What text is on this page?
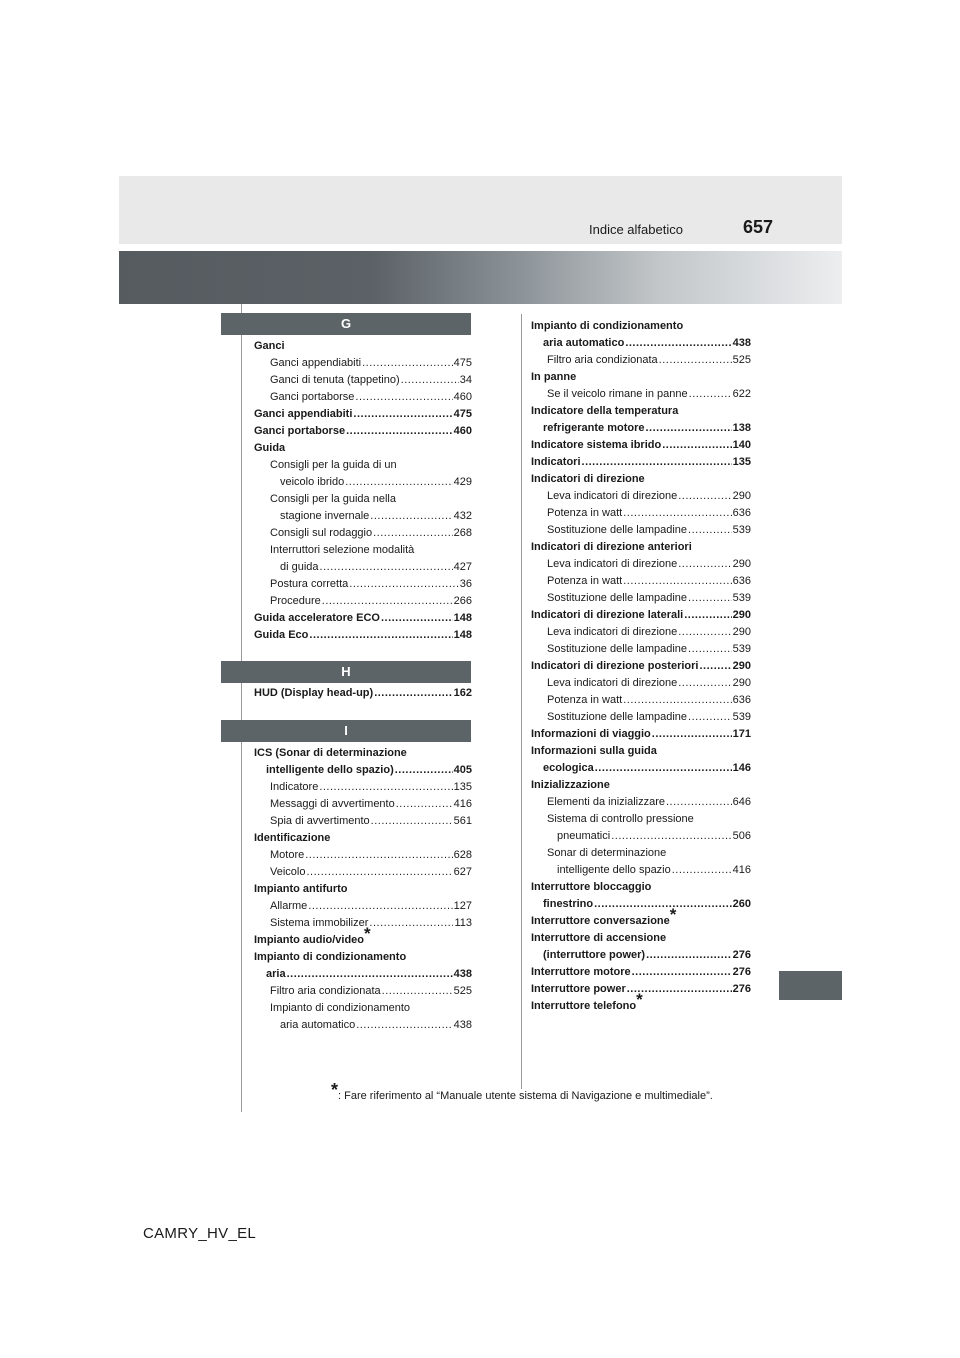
Indice alfabetico	657
G
H
I
Ganci
Ganci appendiabiti .....	475
Ganci di tenuta (tappetino) .....	34
Ganci portaborse .....	460
Ganci appendiabiti .....	475
Ganci portaborse .....	460
Guida
Consigli per la guida di un
veicolo ibrido .....	429
Consigli per la guida nella
stagione invernale .....	432
Consigli sul rodaggio .....	268
Interruttori selezione modalità
di guida .....	427
Postura corretta .....	36
Procedure .....	266
Guida acceleratore ECO .....	148
Guida Eco .....	148
HUD (Display head-up) .....	162
ICS (Sonar di determinazione
intelligente dello spazio) .....	405
Indicatore .....	135
Messaggi di avvertimento .....	416
Spia di avvertimento .....	561
Identificazione
Motore .....	628
Veicolo .....	627
Impianto antifurto
Allarme .....	127
Sistema immobilizer .....	113
Impianto audio/video*
Impianto di condizionamento
aria .....	438
Filtro aria condizionata .....	525
Impianto di condizionamento
aria automatico .....	438
Impianto di condizionamento
aria automatico .....	438
Filtro aria condizionata .....	525
In panne
Se il veicolo rimane in panne .....	622
Indicatore della temperatura
refrigerante motore .....	138
Indicatore sistema ibrido .....	140
Indicatori .....	135
Indicatori di direzione
Leva indicatori di direzione .....	290
Potenza in watt .....	636
Sostituzione delle lampadine .....	539
Indicatori di direzione anteriori
Leva indicatori di direzione .....	290
Potenza in watt .....	636
Sostituzione delle lampadine .....	539
Indicatori di direzione laterali .....	290
Leva indicatori di direzione .....	290
Sostituzione delle lampadine .....	539
Indicatori di direzione posteriori .....	290
Leva indicatori di direzione .....	290
Potenza in watt .....	636
Sostituzione delle lampadine .....	539
Informazioni di viaggio .....	171
Informazioni sulla guida
ecologica .....	146
Inizializzazione
Elementi da inizializzare .....	646
Sistema di controllo pressione
pneumatici .....	506
Sonar di determinazione
intelligente dello spazio .....	416
Interruttore bloccaggio
finestrino .....	260
Interruttore conversazione*
Interruttore di accensione
(interruttore power) .....	276
Interruttore motore .....	276
Interruttore power .....	276
Interruttore telefono*
*: Fare riferimento al “Manuale utente sistema di Navigazione e multimediale”.
CAMRY_HV_EL
